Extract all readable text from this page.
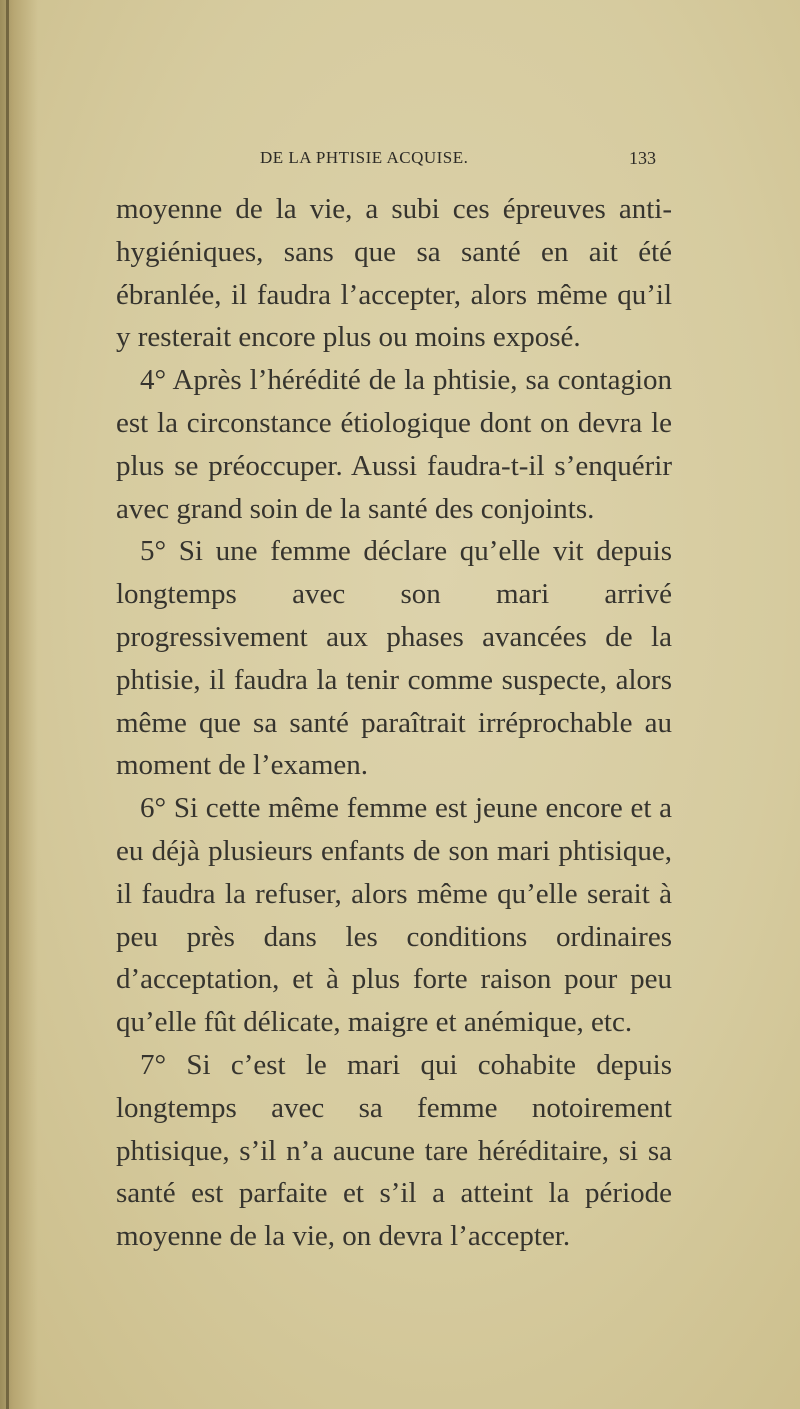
DE LA PHTISIE ACQUISE.	133

moyenne de la vie, a subi ces épreuves anti-hygiéniques, sans que sa santé en ait été ébranlée, il faudra l’accepter, alors même qu’il y resterait encore plus ou moins exposé.

4° Après l’hérédité de la phtisie, sa contagion est la circonstance étiologique dont on devra le plus se préoccuper. Aussi faudra-t-il s’enquérir avec grand soin de la santé des conjoints.

5° Si une femme déclare qu’elle vit depuis longtemps avec son mari arrivé progressivement aux phases avancées de la phtisie, il faudra la tenir comme suspecte, alors même que sa santé paraîtrait irréprochable au moment de l’examen.

6° Si cette même femme est jeune encore et a eu déjà plusieurs enfants de son mari phtisique, il faudra la refuser, alors même qu’elle serait à peu près dans les conditions ordinaires d’acceptation, et à plus forte raison pour peu qu’elle fût délicate, maigre et anémique, etc.

7° Si c’est le mari qui cohabite depuis longtemps avec sa femme notoirement phtisique, s’il n’a aucune tare héréditaire, si sa santé est parfaite et s’il a atteint la période moyenne de la vie, on devra l’accepter.
